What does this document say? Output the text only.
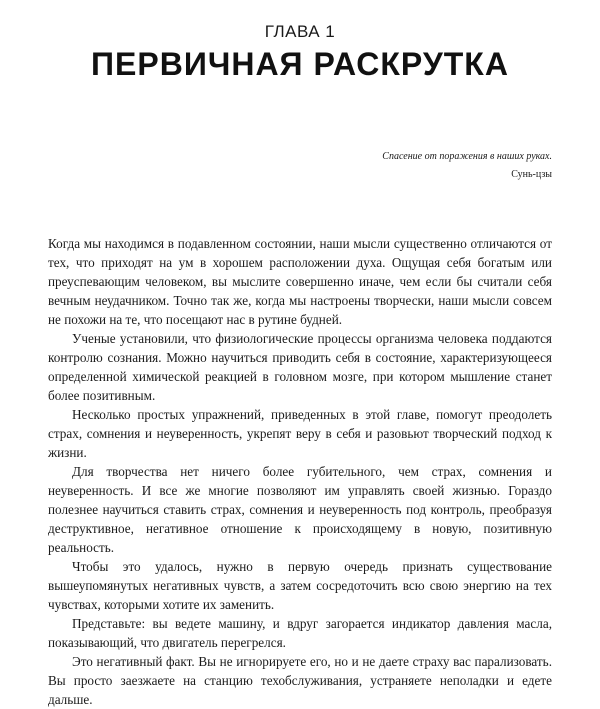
ГЛАВА 1
ПЕРВИЧНАЯ РАСКРУТКА

Спасение от поражения в наших руках.

Сунь-цзы

Когда мы находимся в подавленном состоянии, наши мысли существенно отличаются от тех, что приходят на ум в хорошем расположении духа. Ощущая себя богатым или преуспевающим человеком, вы мыслите совершенно иначе, чем если бы считали себя вечным неудачником. Точно так же, когда мы настроены творчески, наши мысли совсем не похожи на те, что посещают нас в рутине будней.

Ученые установили, что физиологические процессы организма человека поддаются контролю сознания. Можно научиться приводить себя в состояние, характеризующееся определенной химической реакцией в головном мозге, при котором мышление станет более позитивным.

Несколько простых упражнений, приведенных в этой главе, помогут преодолеть страх, сомнения и неуверенность, укрепят веру в себя и разовьют творческий подход к жизни.

Для творчества нет ничего более губительного, чем страх, сомнения и неуверенность. И все же многие позволяют им управлять своей жизнью. Гораздо полезнее научиться ставить страх, сомнения и неуверенность под контроль, преобразуя деструктивное, негативное отношение к происходящему в новую, позитивную реальность.

Чтобы это удалось, нужно в первую очередь признать существование вышеупомянутых негативных чувств, а затем сосредоточить всю свою энергию на тех чувствах, которыми хотите их заменить.

Представьте: вы ведете машину, и вдруг загорается индикатор давления масла, показывающий, что двигатель перегрелся.

Это негативный факт. Вы не игнорируете его, но и не даете страху вас парализовать. Вы просто заезжаете на станцию техобслуживания, устраняете неполадки и едете дальше.
